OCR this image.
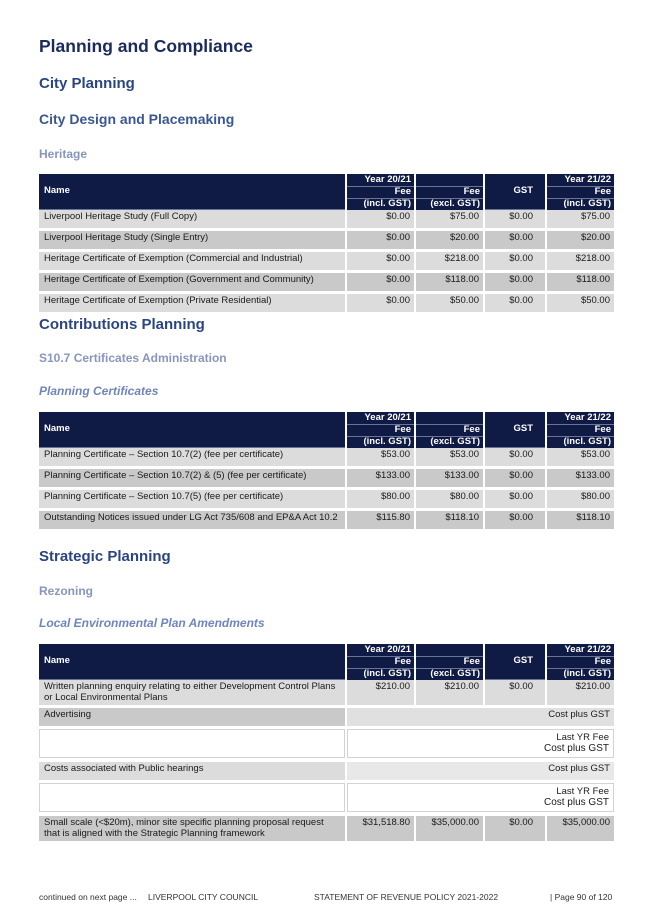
Planning and Compliance
City Planning
City Design and Placemaking
Heritage
Name	Year 20/21		GST	Year 21/22
	Fee	Fee		Fee
	(incl. GST)	(excl. GST)		(incl. GST)
Liverpool Heritage Study (Full Copy)	$0.00	$75.00	$0.00	$75.00
Liverpool Heritage Study (Single Entry)	$0.00	$20.00	$0.00	$20.00
Heritage Certificate of Exemption (Commercial and Industrial)	$0.00	$218.00	$0.00	$218.00
Heritage Certificate of Exemption (Government and Community)	$0.00	$118.00	$0.00	$118.00
Heritage Certificate of Exemption (Private Residential)	$0.00	$50.00	$0.00	$50.00
Contributions Planning
S10.7 Certificates Administration
Planning Certificates
Name	Year 20/21		GST	Year 21/22
	Fee	Fee		Fee
	(incl. GST)	(excl. GST)		(incl. GST)
Planning Certificate – Section 10.7(2) (fee per certificate)	$53.00	$53.00	$0.00	$53.00
Planning Certificate – Section 10.7(2) & (5) (fee per certificate)	$133.00	$133.00	$0.00	$133.00
Planning Certificate – Section 10.7(5) (fee per certificate)	$80.00	$80.00	$0.00	$80.00
Outstanding Notices issued under LG Act 735/608 and EP&A Act 10.2	$115.80	$118.10	$0.00	$118.10
Strategic Planning
Rezoning
Local Environmental Plan Amendments
Name	Year 20/21		GST	Year 21/22
	Fee	Fee		Fee
	(incl. GST)	(excl. GST)		(incl. GST)
Written planning enquiry relating to either Development Control Plans or Local Environmental Plans	$210.00	$210.00	$0.00	$210.00
Advertising	Cost plus GST			

	Last YR Fee
Cost plus GST			

Costs associated with Public hearings	Cost plus GST			

	Last YR Fee
Cost plus GST			

Small scale (<$20m), minor site specific planning proposal request that is aligned with the Strategic Planning framework	$31,518.80	$35,000.00	$0.00	$35,000.00
continued on next page ... LIVERPOOL CITY COUNCIL	STATEMENT OF REVENUE POLICY 2021-2022	| Page 90 of 120
